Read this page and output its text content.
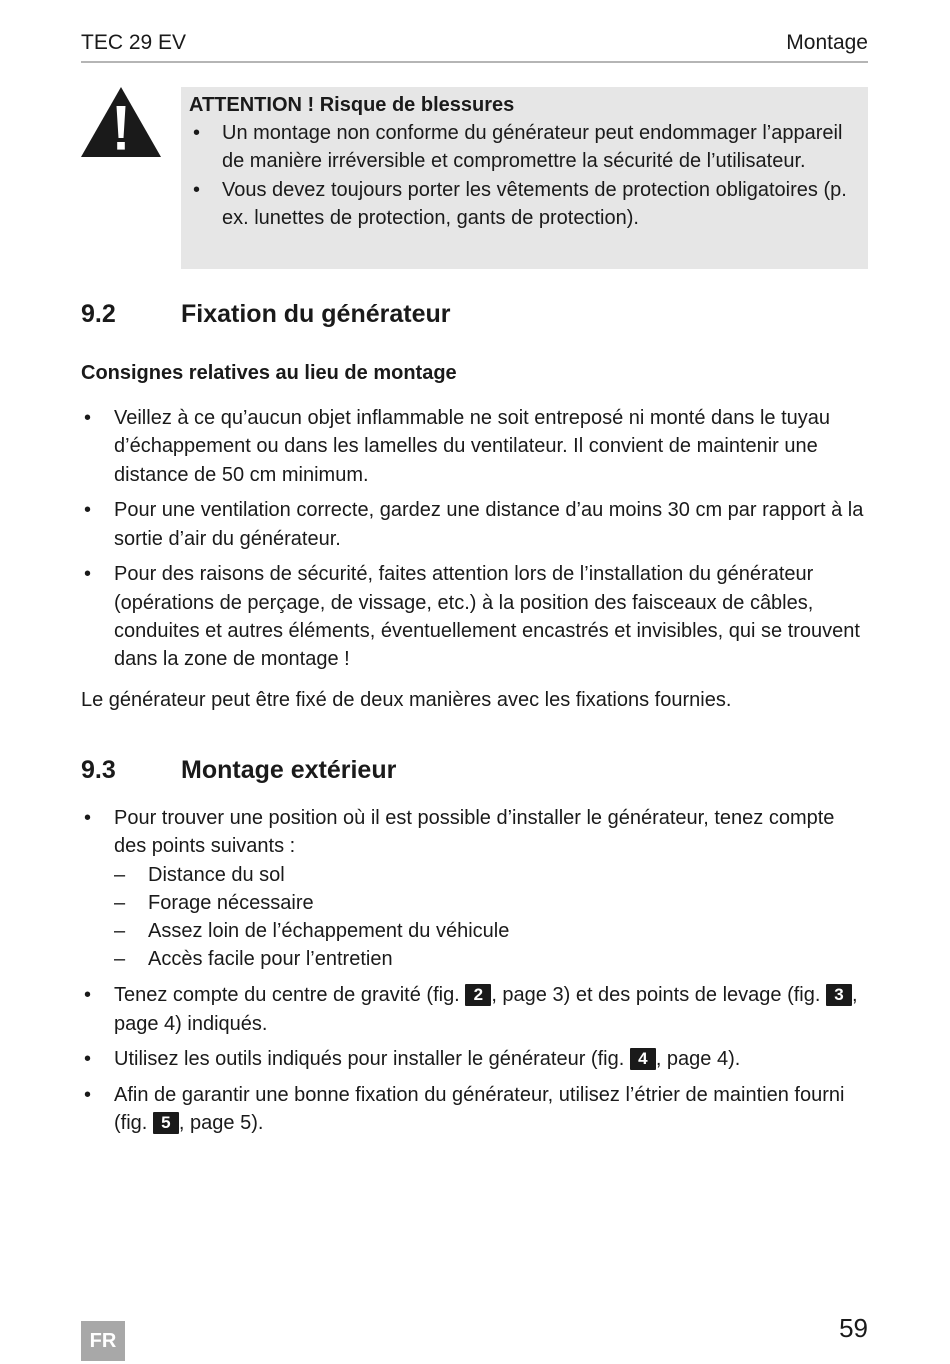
TEC 29 EV	Montage
ATTENTION ! Risque de blessures
• Un montage non conforme du générateur peut endommager l’appareil de manière irréversible et compromettre la sécurité de l’utilisateur.
• Vous devez toujours porter les vêtements de protection obligatoires (p. ex. lunettes de protection, gants de protection).
9.2	Fixation du générateur
Consignes relatives au lieu de montage
• Veillez à ce qu’aucun objet inflammable ne soit entreposé ni monté dans le tuyau d’échappement ou dans les lamelles du ventilateur. Il convient de maintenir une distance de 50 cm minimum.
• Pour une ventilation correcte, gardez une distance d’au moins 30 cm par rapport à la sortie d’air du générateur.
• Pour des raisons de sécurité, faites attention lors de l’installation du générateur (opérations de perçage, de vissage, etc.) à la position des faisceaux de câbles, conduites et autres éléments, éventuellement encastrés et invisibles, qui se trouvent dans la zone de montage !
Le générateur peut être fixé de deux manières avec les fixations fournies.
9.3	Montage extérieur
• Pour trouver une position où il est possible d’installer le générateur, tenez compte des points suivants :
– Distance du sol
– Forage nécessaire
– Assez loin de l’échappement du véhicule
– Accès facile pour l’entretien
• Tenez compte du centre de gravité (fig. 2 , page 3) et des points de levage (fig. 3 , page 4) indiqués.
• Utilisez les outils indiqués pour installer le générateur (fig. 4 , page 4).
• Afin de garantir une bonne fixation du générateur, utilisez l’étrier de maintien fourni (fig. 5 , page 5).
FR	59
